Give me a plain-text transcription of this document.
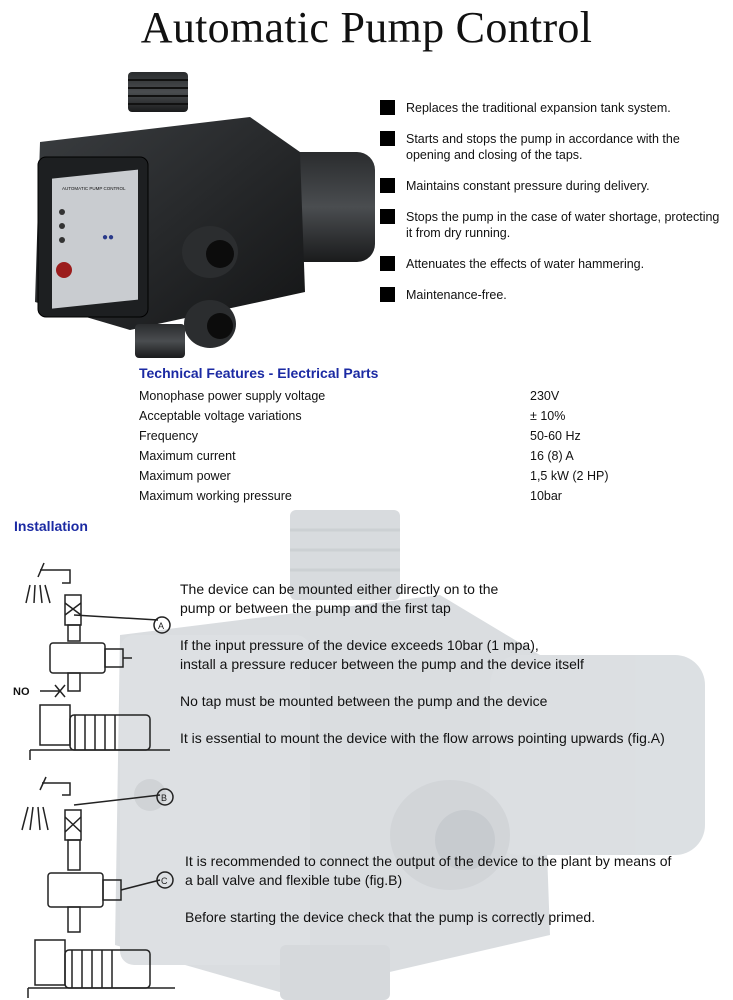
Automatic Pump Control
AUTOMATIC PUMP CONTROL
●●
Replaces the traditional expansion tank system.
Starts and stops the pump in accordance with the opening and closing of the taps.
Maintains constant pressure during delivery.
Stops the pump in the case of water shortage, protecting it from dry running.
Attenuates the effects of water hammering.
Maintenance-free.
Technical Features - Electrical Parts
Monophase power supply voltage	230V
Acceptable voltage variations	± 10%
Frequency	50-60 Hz
Maximum current	16 (8) A
Maximum power	1,5 kW (2 HP)
Maximum working pressure	10bar
Installation
A
NO
B
C
The device can be mounted either directly on to the
pump or between the pump and the first tap
If the input pressure of the device exceeds 10bar (1 mpa),
install a pressure reducer between the pump and the device itself
No tap must be mounted between the pump and the device
It is essential to mount the device with the flow arrows pointing upwards (fig.A)
It is recommended to connect the output of the device to the plant by means of
a ball valve and flexible tube (fig.B)
Before starting the device check that the pump is correctly primed.
